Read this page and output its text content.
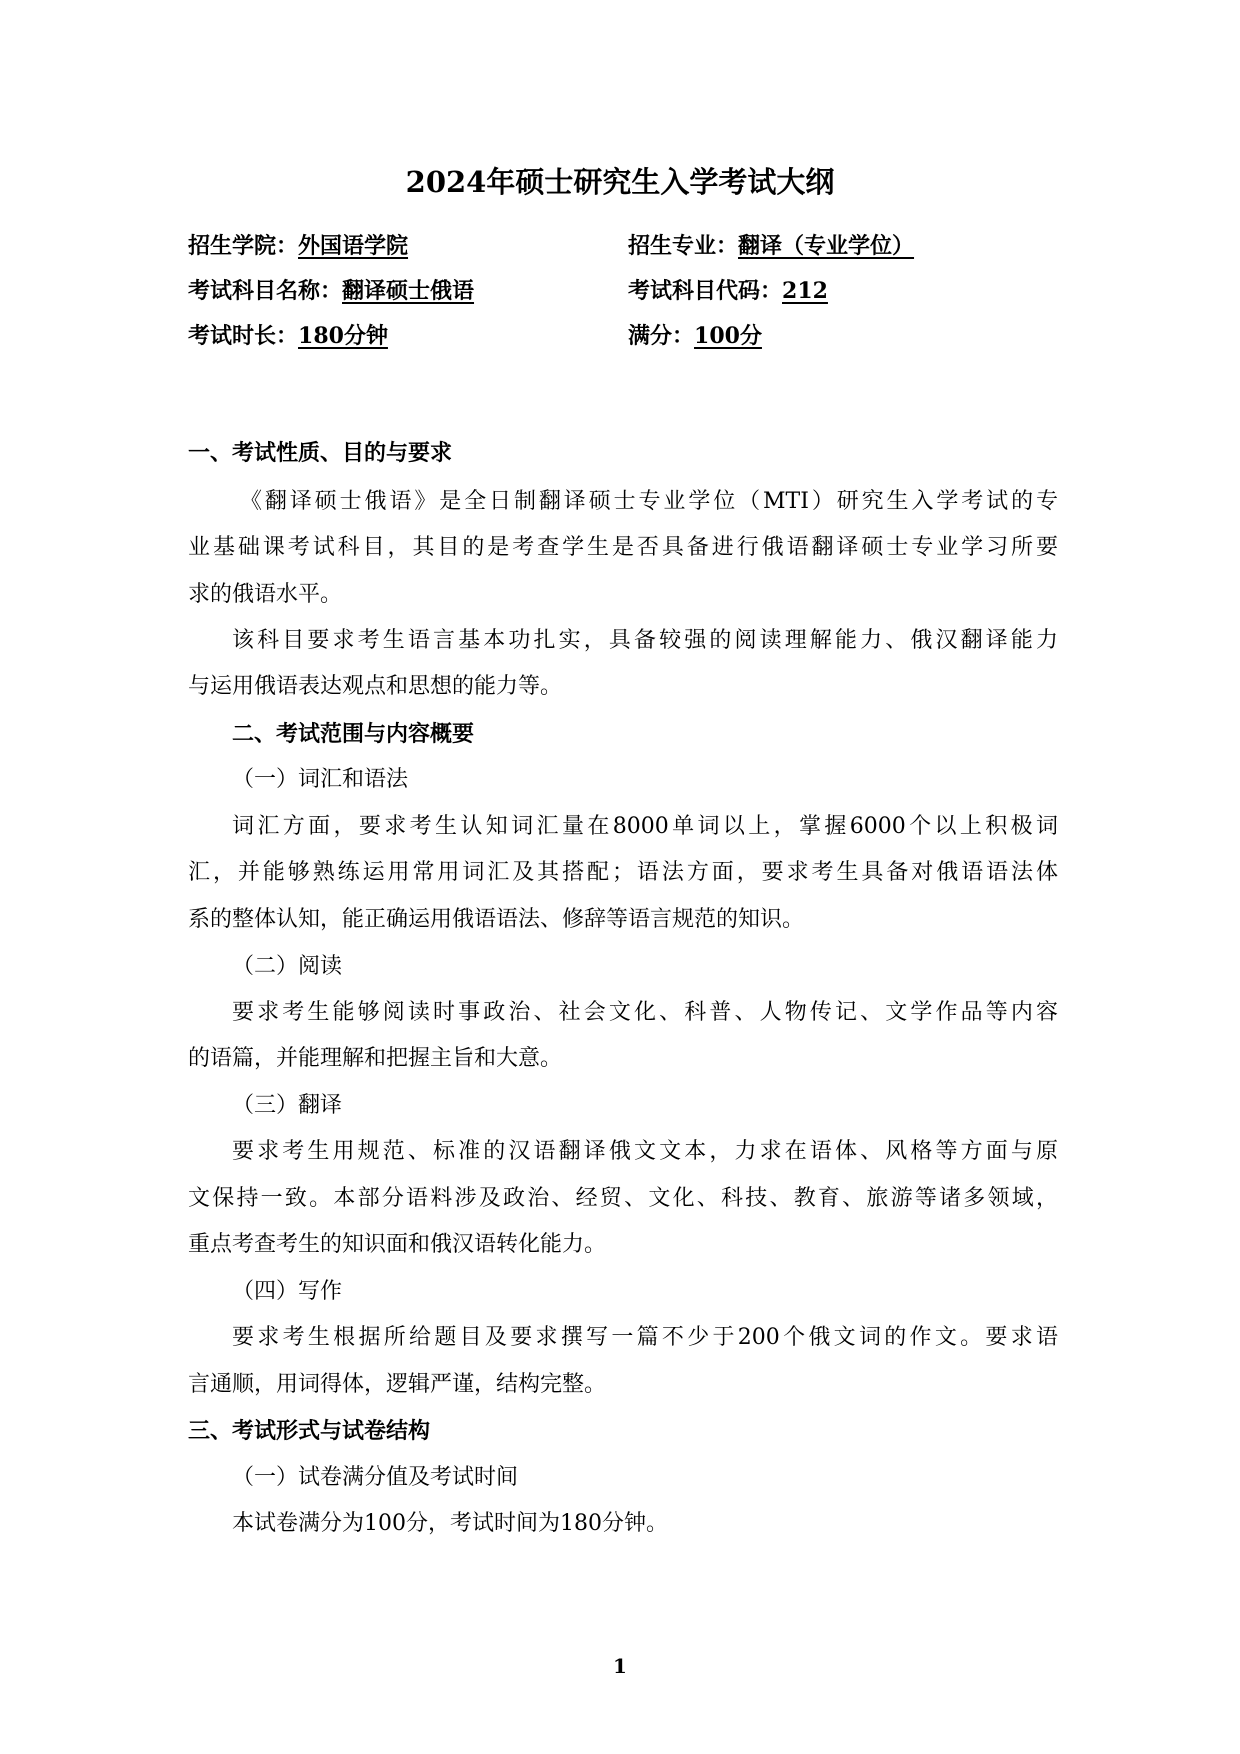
2024年硕士研究生入学考试大纲
招生学院：外国语学院	招生专业：翻译（专业学位）
考试科目名称：翻译硕士俄语	考试科目代码：212
考试时长：180分钟	满分：100分
一、考试性质、目的与要求
《翻译硕士俄语》是全日制翻译硕士专业学位（MTI）研究生入学考试的专
业基础课考试科目，其目的是考查学生是否具备进行俄语翻译硕士专业学习所要
求的俄语水平。
该科目要求考生语言基本功扎实，具备较强的阅读理解能力、俄汉翻译能力
与运用俄语表达观点和思想的能力等。
二、考试范围与内容概要
（一）词汇和语法
词汇方面，要求考生认知词汇量在8000单词以上，掌握6000个以上积极词
汇，并能够熟练运用常用词汇及其搭配；语法方面，要求考生具备对俄语语法体
系的整体认知，能正确运用俄语语法、修辞等语言规范的知识。
（二）阅读
要求考生能够阅读时事政治、社会文化、科普、人物传记、文学作品等内容
的语篇，并能理解和把握主旨和大意。
（三）翻译
要求考生用规范、标准的汉语翻译俄文文本，力求在语体、风格等方面与原
文保持一致。本部分语料涉及政治、经贸、文化、科技、教育、旅游等诸多领域，
重点考查考生的知识面和俄汉语转化能力。
（四）写作
要求考生根据所给题目及要求撰写一篇不少于200个俄文词的作文。要求语
言通顺，用词得体，逻辑严谨，结构完整。
三、考试形式与试卷结构
（一）试卷满分值及考试时间
本试卷满分为100分，考试时间为180分钟。
1
